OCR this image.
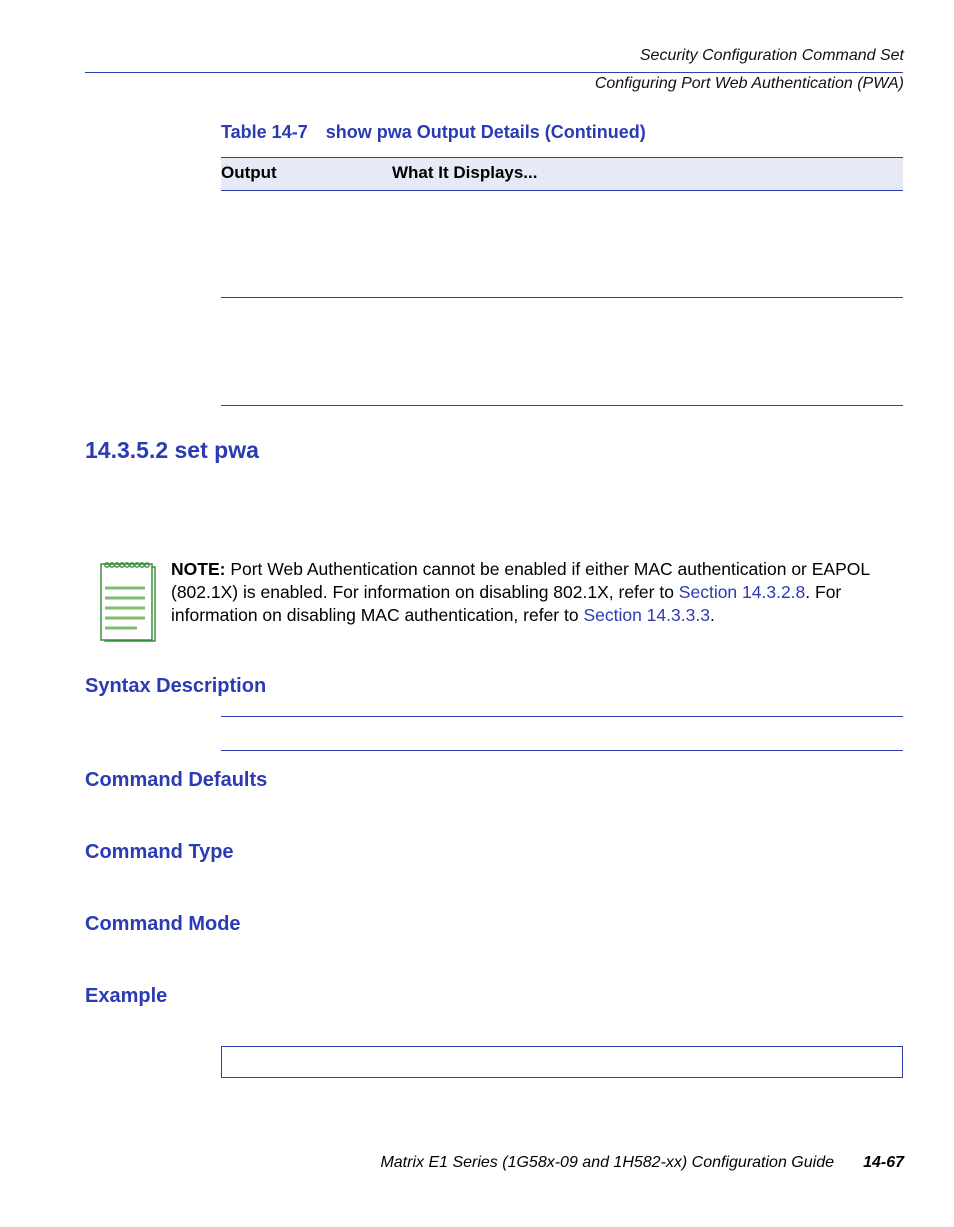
Security Configuration Command Set
Configuring Port Web Authentication (PWA)
Table 14-7 show pwa Output Details (Continued)
Output	What It Displays...
14.3.5.2 set pwa
NOTE: Port Web Authentication cannot be enabled if either MAC authentication or EAPOL (802.1X) is enabled. For information on disabling 802.1X, refer to Section 14.3.2.8. For information on disabling MAC authentication, refer to Section 14.3.3.3.
Syntax Description
Command Defaults
Command Type
Command Mode
Example
Matrix E1 Series (1G58x-09 and 1H582-xx) Configuration Guide 14-67
